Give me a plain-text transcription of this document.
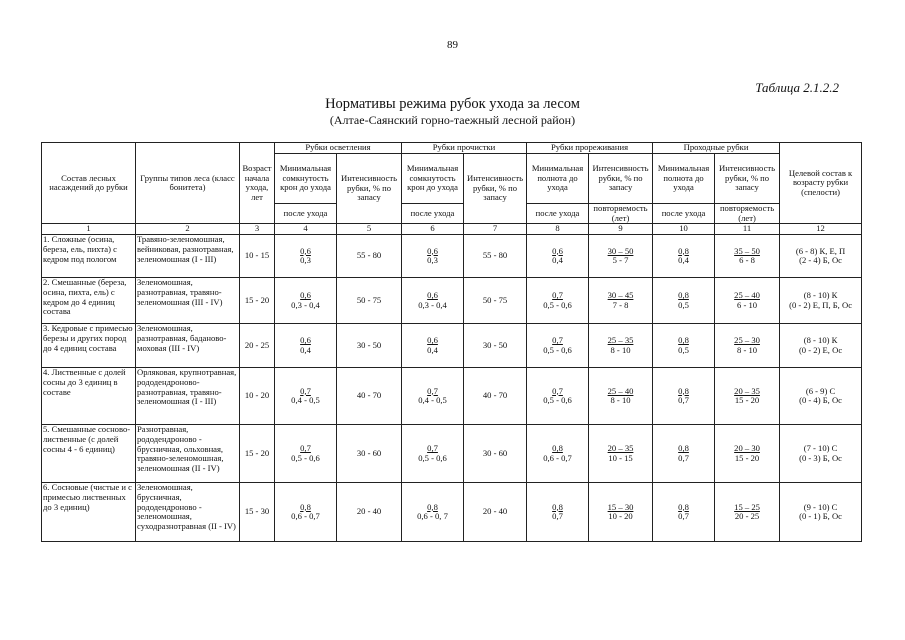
89
Таблица 2.1.2.2
Нормативы режима рубок ухода за лесом
(Алтае-Саянский горно-таежный лесной район)
Состав лесных насаждений до рубки	Группы типов леса (класс бонитета)	Возраст начала ухода, лет	Рубки осветления		Рубки прочистки		Рубки прореживания		Проходные рубки		Целевой состав к возрасту рубки (спелости)
			Минимальная сомкнутость крон до ухода	Интенсивность рубки, % по запасу	Минимальная сомкнутость крон до ухода	Интенсивность рубки, % по запасу	Минимальная полнота до ухода	Интенсивность рубки, % по запасу	Минимальная полнота до ухода	Интенсивность рубки, % по запасу	
			после ухода		после ухода		после ухода	повторяемость (лет)	после ухода	повторяемость (лет)	
1	2	3	4	5	6	7	8	9	10	11	12
1. Сложные (осина, береза, ель, пихта) с кедром под пологом	Травяно-зеленомошная, вейниковая, разнотравная, зеленомошная (I - III)	10 - 15	$\frac{0,6}{0,3}$	55 - 80	$\frac{0,6}{0,3}$	55 - 80	$\frac{0,6}{0,4}$	$\frac{30 - 50}{5 - 7}$	$\frac{0,8}{0,4}$	$\frac{35 - 50}{6 - 8}$	(6 - 8) К, Е, П
(2 - 4) Б, Ос

2. Смешанные (береза, осина, пихта, ель) с кедром до 4 единиц состава	Зеленомошная, разнотравная, травяно-зеленомошная (III - IV)	15 - 20	$\frac{0,6}{0,3 - 0,4}$	50 - 75	$\frac{0,6}{0,3 - 0,4}$	50 - 75	$\frac{0,7}{0,5 - 0,6}$	$\frac{30 - 45}{7 - 8}$	$\frac{0,8}{0,5}$	$\frac{25 - 40}{6 - 10}$	(8 - 10) К
(0 - 2) Е, П, Б, Ос

3. Кедровые с примесью березы и других пород до 4 единиц состава	Зеленомошная, разнотравная, баданово-моховая (III - IV)	20 - 25	$\frac{0,6}{0,4}$	30 - 50	$\frac{0,6}{0,4}$	30 - 50	$\frac{0,7}{0,5 - 0,6}$	$\frac{25 - 35}{8 - 10}$	$\frac{0,8}{0,5}$	$\frac{25 - 30}{8 - 10}$	(8 - 10) К
(0 - 2) Е, Ос

4. Лиственные с долей сосны до 3 единиц в составе	Орляковая, крупнотравная, рододендроново-разнотравная, травяно-зеленомошная (I - III)	10 - 20	$\frac{0,7}{0,4 - 0,5}$	40 - 70	$\frac{0,7}{0,4 - 0,5}$	40 - 70	$\frac{0,7}{0,5 - 0,6}$	$\frac{25 - 40}{8 - 10}$	$\frac{0,8}{0,7}$	$\frac{20 - 35}{15 - 20}$	(6 - 9) С
(0 - 4) Б, Ос

5. Смешанные сосново-лиственные (с долей сосны 4 - 6 единиц)	Разнотравная, рододендроново - брусничная, ольховная, травяно-зеленомошная, зеленомошная (II - IV)	15 - 20	$\frac{0,7}{0,5 - 0,6}$	30 - 60	$\frac{0,7}{0,5 - 0,6}$	30 - 60	$\frac{0,8}{0,6 - 0,7}$	$\frac{20 - 35}{10 - 15}$	$\frac{0,8}{0,7}$	$\frac{20 - 30}{15 - 20}$	(7 - 10) С
(0 - 3) Б, Ос

6. Сосновые (чистые и с примесью лиственных до 3 единиц)	Зеленомошная, брусничная, рододендроново - зеленомошная, суходразнотравная (II - IV)	15 - 30	$\frac{0,8}{0,6 - 0,7}$	20 - 40	$\frac{0,8}{0,6 - 0, 7}$	20 - 40	$\frac{0,8}{0,7}$	$\frac{15 - 30}{10 - 20}$	$\frac{0,8}{0,7}$	$\frac{15 - 25}{20 - 25}$	(9 - 10) С
(0 - 1) Б, Ос
